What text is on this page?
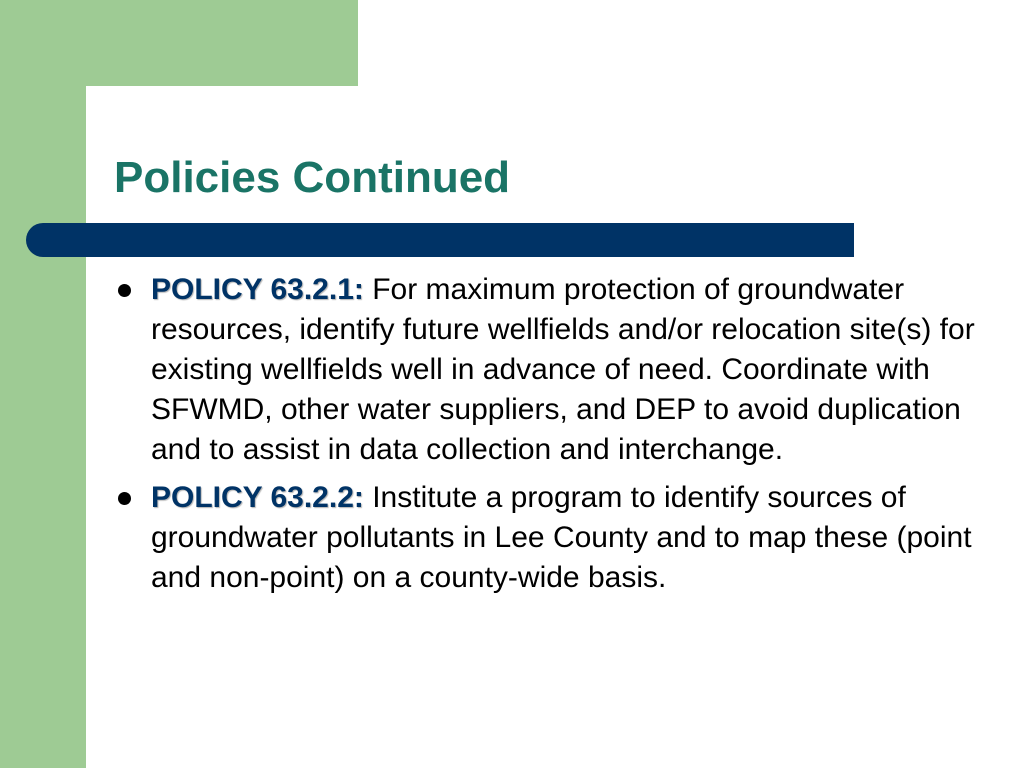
Policies Continued
POLICY 63.2.1: For maximum protection of groundwater resources, identify future wellfields and/or relocation site(s) for existing wellfields well in advance of need. Coordinate with SFWMD, other water suppliers, and DEP to avoid duplication and to assist in data collection and interchange.
POLICY 63.2.2: Institute a program to identify sources of groundwater pollutants in Lee County and to map these (point and non-point) on a county-wide basis.
